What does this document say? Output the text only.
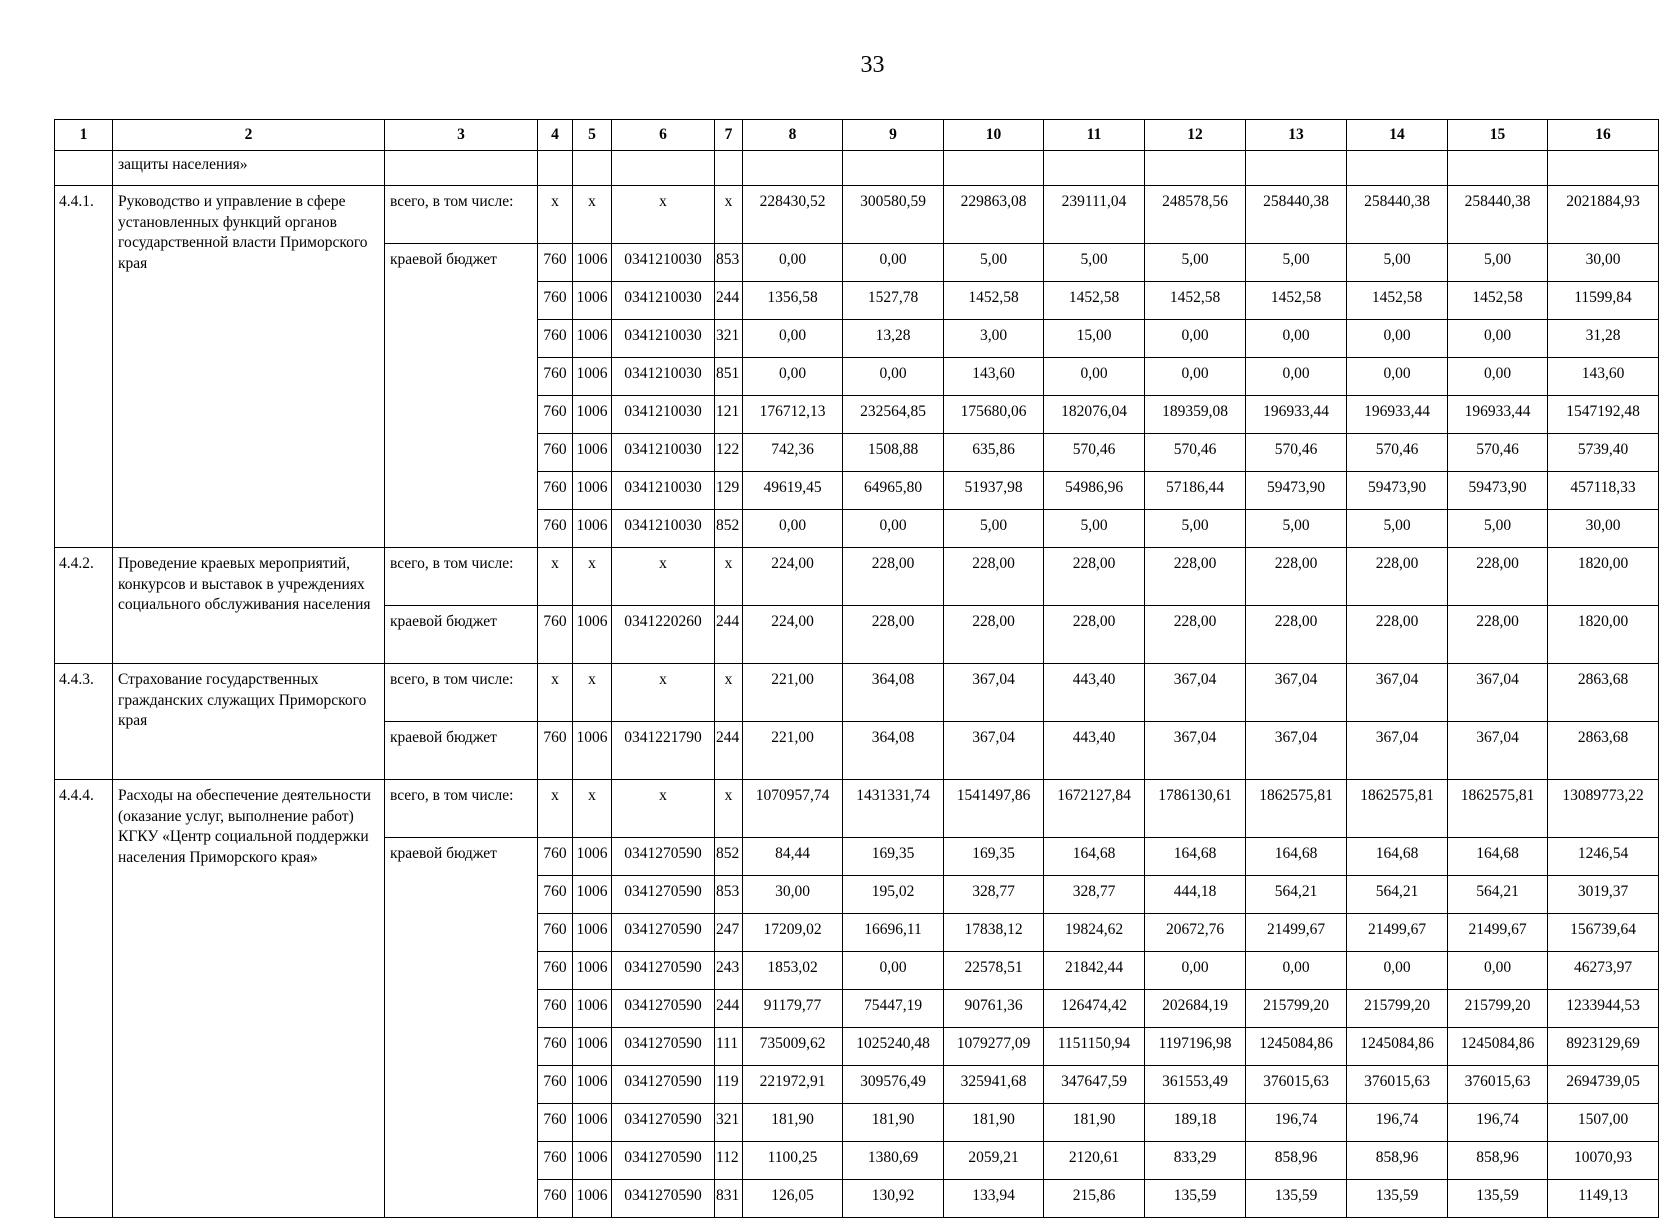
33
1	2	3	4	5	6	7	8	9	10	11	12	13	14	15	16
	защиты населения»														
4.4.1.	Руководство и управление в сфере установленных функций органов государственной власти Приморского края	всего, в том числе:	x	x	x	x	228430,52	300580,59	229863,08	239111,04	248578,56	258440,38	258440,38	258440,38	2021884,93
		краевой бюджет	760	1006	0341210030	853	0,00	0,00	5,00	5,00	5,00	5,00	5,00	5,00	30,00
			760	1006	0341210030	244	1356,58	1527,78	1452,58	1452,58	1452,58	1452,58	1452,58	1452,58	11599,84
			760	1006	0341210030	321	0,00	13,28	3,00	15,00	0,00	0,00	0,00	0,00	31,28
			760	1006	0341210030	851	0,00	0,00	143,60	0,00	0,00	0,00	0,00	0,00	143,60
			760	1006	0341210030	121	176712,13	232564,85	175680,06	182076,04	189359,08	196933,44	196933,44	196933,44	1547192,48
			760	1006	0341210030	122	742,36	1508,88	635,86	570,46	570,46	570,46	570,46	570,46	5739,40
			760	1006	0341210030	129	49619,45	64965,80	51937,98	54986,96	57186,44	59473,90	59473,90	59473,90	457118,33
			760	1006	0341210030	852	0,00	0,00	5,00	5,00	5,00	5,00	5,00	5,00	30,00
4.4.2.	Проведение краевых мероприятий, конкурсов и выставок в учреждениях социального обслуживания населения	всего, в том числе:	x	x	x	x	224,00	228,00	228,00	228,00	228,00	228,00	228,00	228,00	1820,00
		краевой бюджет	760	1006	0341220260	244	224,00	228,00	228,00	228,00	228,00	228,00	228,00	228,00	1820,00
4.4.3.	Страхование государственных гражданских служащих Приморского края	всего, в том числе:	x	x	x	x	221,00	364,08	367,04	443,40	367,04	367,04	367,04	367,04	2863,68
		краевой бюджет	760	1006	0341221790	244	221,00	364,08	367,04	443,40	367,04	367,04	367,04	367,04	2863,68
4.4.4.	Расходы на обеспечение деятельности (оказание услуг, выполнение работ) КГКУ «Центр социальной поддержки населения Приморского края»	всего, в том числе:	x	x	x	x	1070957,74	1431331,74	1541497,86	1672127,84	1786130,61	1862575,81	1862575,81	1862575,81	13089773,22
		краевой бюджет	760	1006	0341270590	852	84,44	169,35	169,35	164,68	164,68	164,68	164,68	164,68	1246,54
			760	1006	0341270590	853	30,00	195,02	328,77	328,77	444,18	564,21	564,21	564,21	3019,37
			760	1006	0341270590	247	17209,02	16696,11	17838,12	19824,62	20672,76	21499,67	21499,67	21499,67	156739,64
			760	1006	0341270590	243	1853,02	0,00	22578,51	21842,44	0,00	0,00	0,00	0,00	46273,97
			760	1006	0341270590	244	91179,77	75447,19	90761,36	126474,42	202684,19	215799,20	215799,20	215799,20	1233944,53
			760	1006	0341270590	111	735009,62	1025240,48	1079277,09	1151150,94	1197196,98	1245084,86	1245084,86	1245084,86	8923129,69
			760	1006	0341270590	119	221972,91	309576,49	325941,68	347647,59	361553,49	376015,63	376015,63	376015,63	2694739,05
			760	1006	0341270590	321	181,90	181,90	181,90	181,90	189,18	196,74	196,74	196,74	1507,00
			760	1006	0341270590	112	1100,25	1380,69	2059,21	2120,61	833,29	858,96	858,96	858,96	10070,93
			760	1006	0341270590	831	126,05	130,92	133,94	215,86	135,59	135,59	135,59	135,59	1149,13
